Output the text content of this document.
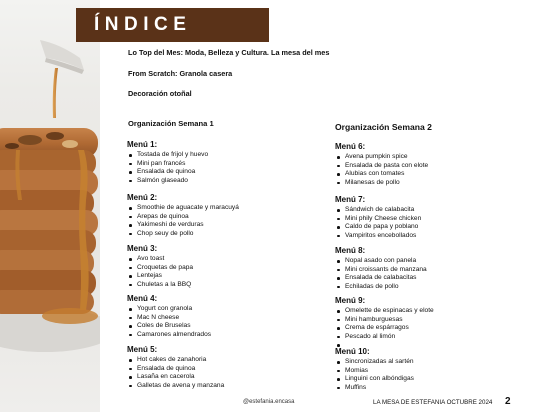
ÍNDICE
Lo Top del Mes: Moda, Belleza y Cultura. La mesa del mes
From Scratch: Granola casera
Decoración otoñal
Organización Semana 1	Organización Semana 2
Menú 1:
Tostada de frijol y huevo
Mini pan francés
Ensalada de quinoa
Salmón glaseado
Menú 2:
Smoothie de aguacate y maracuyá
Arepas de quinoa
Yakimeshi de verduras
Chop seuy de pollo
Menú 3:
Avo toast
Croquetas de papa
Lentejas
Chuletas a la BBQ
Menú 4:
Yogurt con granola
Mac N cheese
Coles de Bruselas
Camarones almendrados
Menú 5:
Hot cakes de zanahoria
Ensalada de quinoa
Lasaña en cacerola
Galletas de avena y manzana
Menú 6:
Avena pumpkin spice
Ensalada de pasta con elote
Alubias con tomates
Milanesas de pollo
Menú 7:
Sándwich de calabacita
Mini phily Cheese chicken
Caldo de papa y poblano
Vampiritos encebollados
Menú 8:
Nopal asado con panela
Mini croissants de manzana
Ensalada de calabacitas
Echiladas de pollo
Menú 9:
Omelette de espinacas y elote
Mini hamburguesas
Crema de espárragos
Pescado al limón
Menú 10:
Sincronizadas al sartén
Momias
Linguini con albóndigas
Muffins
@estefania.encasa	LA MESA DE ESTEFANIA OCTUBRE 2024 2
